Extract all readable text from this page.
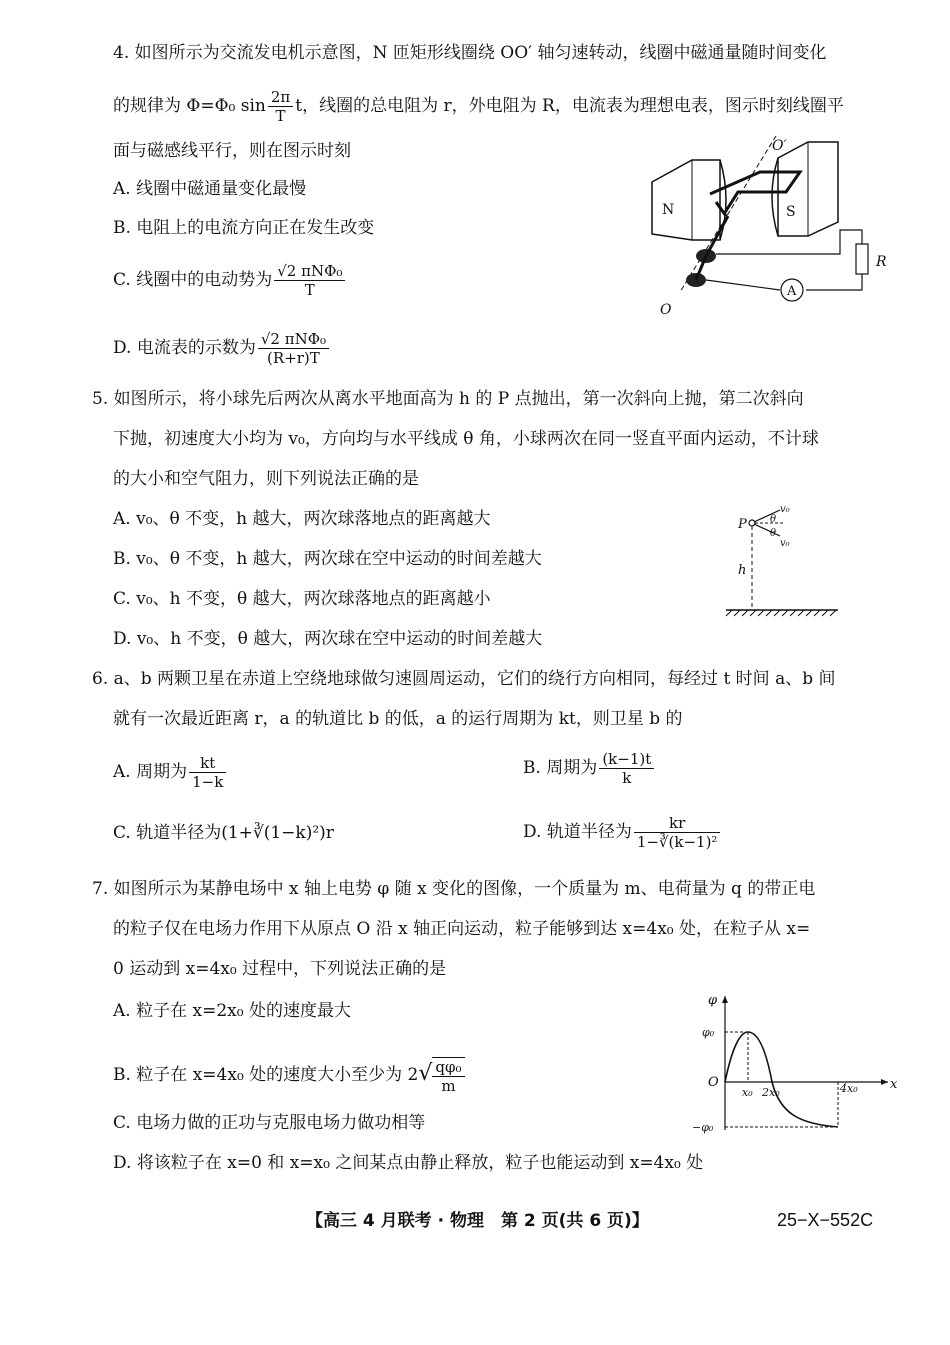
4. 如图所示为交流发电机示意图，N 匝矩形线圈绕 OO′ 轴匀速转动，线圈中磁通量随时间变化
的规律为 Φ=Φ₀ $\sin \frac{2\pi}{T}$ t，线圈的总电阻为 r，外电阻为 R，电流表为理想电表，图示时刻线圈平
面与磁感线平行，则在图示时刻
A. 线圈中磁通量变化最慢
B. 电阻上的电流方向正在发生改变
C. 线圈中的电动势为 $\frac{\text{√2 πNΦ₀}}{T}$
D. 电流表的示数为 $\frac{\text{√2 πNΦ₀}}{(R+r)T}$
N	S
O′
O
R
A
5. 如图所示，将小球先后两次从离水平地面高为 h 的 P 点抛出，第一次斜向上抛，第二次斜向
下抛，初速度大小均为 v₀，方向均与水平线成 θ 角，小球两次在同一竖直平面内运动，不计球
的大小和空气阻力，则下列说法正确的是
A. v₀、θ 不变，h 越大，两次球落地点的距离越大
B. v₀、θ 不变，h 越大，两次球在空中运动的时间差越大
C. v₀、h 不变，θ 越大，两次球落地点的距离越小
D. v₀、h 不变，θ 越大，两次球在空中运动的时间差越大
P
v₀
θ
θ
v₀
h
6. a、b 两颗卫星在赤道上空绕地球做匀速圆周运动，它们的绕行方向相同，每经过 t 时间 a、b 间
就有一次最近距离 r，a 的轨道比 b 的低，a 的运行周期为 kt，则卫星 b 的
A. 周期为 $\frac{kt}{1-k}$	B. 周期为 $\frac{(k-1)t}{k}$
C. 轨道半径为(1+∛(1−k)²)r	D. 轨道半径为 $\frac{kr}{\text{1−∛(k−1)²}}$
7. 如图所示为某静电场中 x 轴上电势 φ 随 x 变化的图像，一个质量为 m、电荷量为 q 的带正电
的粒子仅在电场力作用下从原点 O 沿 x 轴正向运动，粒子能够到达 x=4x₀ 处，在粒子从 x=
0 运动到 x=4x₀ 过程中，下列说法正确的是
A. 粒子在 x=2x₀ 处的速度最大
B. 粒子在 x=4x₀ 处的速度大小至少为 $2√ \frac{\text{qφ₀}}{m}$
C. 电场力做的正功与克服电场力做功相等
D. 将该粒子在 x=0 和 x=x₀ 之间某点由静止释放，粒子也能运动到 x=4x₀ 处
φ
x
O
φ₀
−φ₀
x₀ 2x₀	4x₀
【高三 4 月联考 · 物理　第 2 页(共 6 页)】	25−X−552C
